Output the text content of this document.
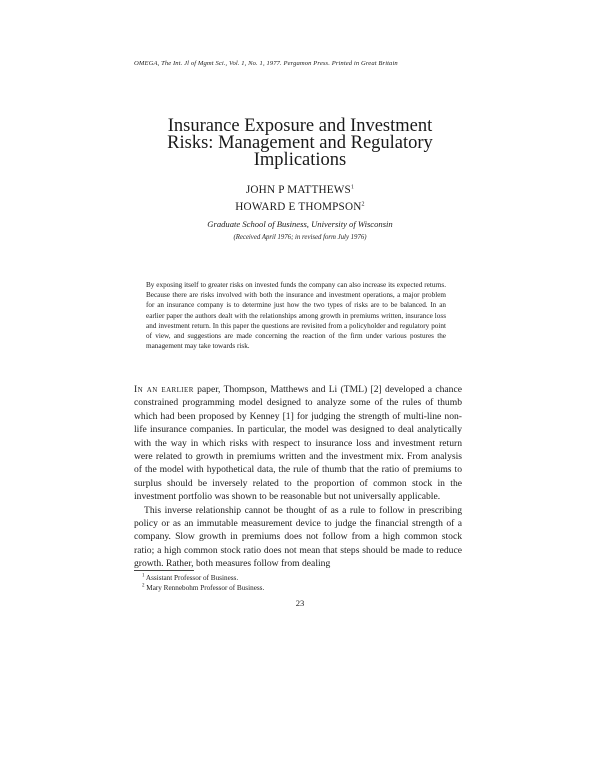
OMEGA, The Int. Jl of Mgmt Sci., Vol. 1, No. 1, 1977. Pergamon Press. Printed in Great Britain
Insurance Exposure and Investment
Risks: Management and Regulatory
Implications
JOHN P MATTHEWS$^1$
HOWARD E THOMPSON$^2$
Graduate School of Business, University of Wisconsin
(Received April 1976; in revised form July 1976)

By exposing itself to greater risks on invested funds the company can also increase its expected returns. Because there are risks involved with both the insurance and investment operations, a major problem for an insurance company is to determine just how the two types of risks are to be balanced. In an earlier paper the authors dealt with the relationships among growth in premiums written, insurance loss and investment return. In this paper the questions are revisited from a policyholder and regulatory point of view, and suggestions are made concerning the reaction of the firm under various postures the management may take towards risk.

In an earlier paper, Thompson, Matthews and Li (TML) [2] developed a chance constrained programming model designed to analyze some of the rules of thumb which had been proposed by Kenney [1] for judging the strength of multi-line non-life insurance companies. In particular, the model was designed to deal analytically with the way in which risks with respect to insurance loss and investment return were related to growth in premiums written and the investment mix. From analysis of the model with hypothetical data, the rule of thumb that the ratio of premiums to surplus should be inversely related to the proportion of common stock in the investment portfolio was shown to be reasonable but not universally applicable.

This inverse relationship cannot be thought of as a rule to follow in prescribing policy or as an immutable measurement device to judge the financial strength of a company. Slow growth in premiums does not follow from a high common stock ratio; a high common stock ratio does not mean that steps should be made to reduce growth. Rather, both measures follow from dealing

$^1$ Assistant Professor of Business.
$^2$ Mary Rennebohm Professor of Business.
23
